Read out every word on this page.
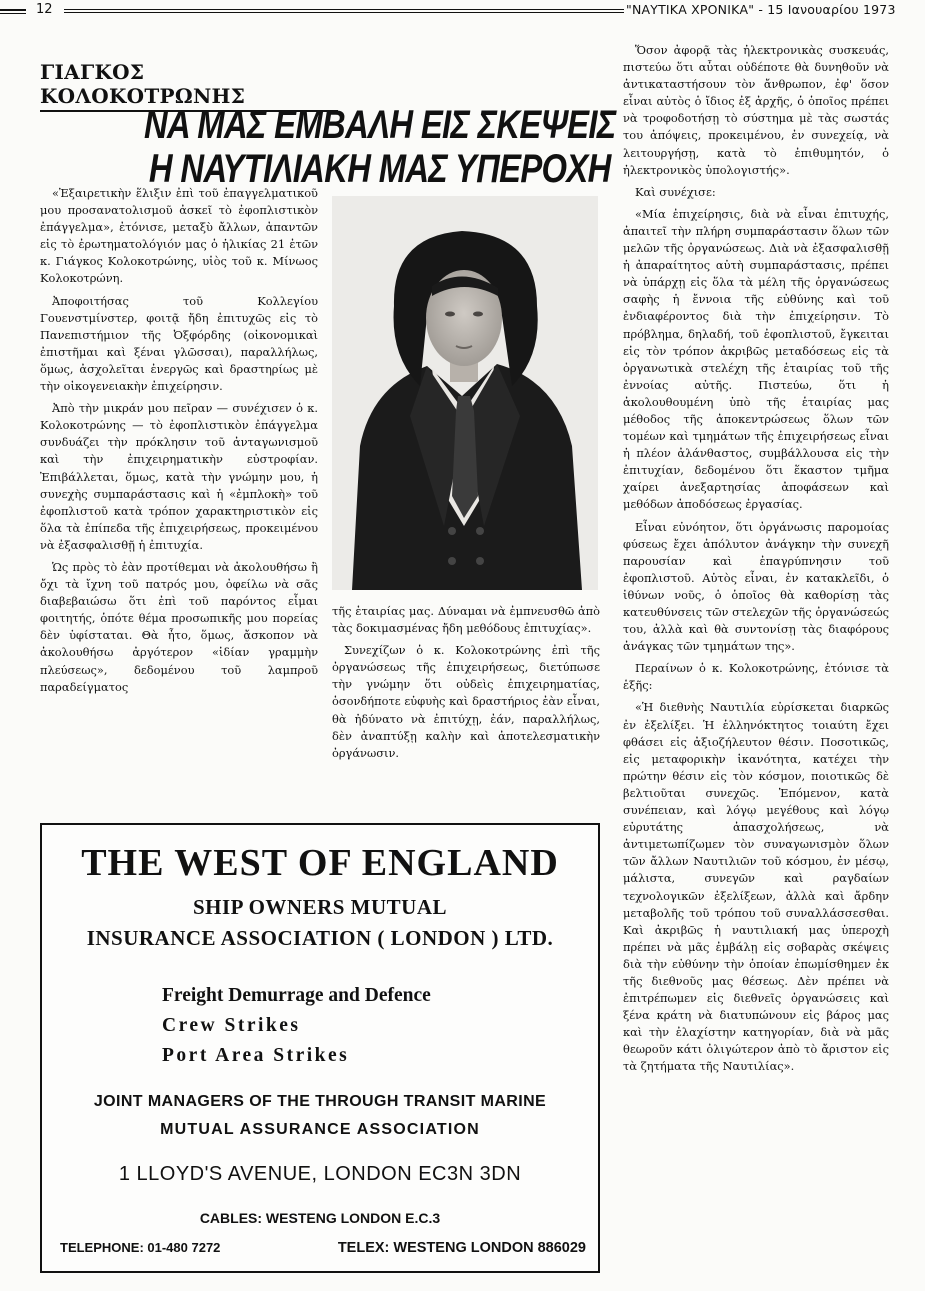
12	"ΝΑΥΤΙΚΑ ΧΡΟΝΙΚΑ" - 15 Ιανουαρίου 1973
ΓΙΑΓΚΟΣ ΚΟΛΟΚΟΤΡΩΝΗΣ
ΝΑ ΜΑΣ ΕΜΒΑΛΗ ΕΙΣ ΣΚΕΨΕΙΣ
Η ΝΑΥΤΙΛΙΑΚΗ ΜΑΣ ΥΠΕΡΟΧΗ

«Ἐξαιρετικὴν ἕλιξιν ἐπὶ τοῦ ἐπαγγελματικοῦ μου προσανατολισμοῦ ἀσκεῖ τὸ ἐφοπλιστικὸν ἐπάγγελμα», ἐτόνισε, μεταξὺ ἄλλων, ἀπαντῶν εἰς τὸ ἐρωτηματολόγιόν μας ὁ ἡλικίας 21 ἐτῶν κ. Γιάγκος Κολοκοτρώνης, υἱὸς τοῦ κ. Μίνωος Κολοκοτρώνη.

Ἀποφοιτήσας τοῦ Κολλεγίου Γουενστμίνστερ, φοιτᾷ ἤδη ἐπιτυχῶς εἰς τὸ Πανεπιστήμιον τῆς Ὀξφόρδης (οἰκονομικαὶ ἐπιστῆμαι καὶ ξέναι γλῶσσαι), παραλλήλως, ὅμως, ἀσχολεῖται ἐνεργῶς καὶ δραστηρίως μὲ τὴν οἰκογενειακὴν ἐπιχείρησιν.

Ἀπὸ τὴν μικράν μου πεῖραν — συνέχισεν ὁ κ. Κολοκοτρώνης — τὸ ἐφοπλιστικὸν ἐπάγγελμα συνδυάζει τὴν πρόκλησιν τοῦ ἀνταγωνισμοῦ καὶ τὴν ἐπιχειρηματικὴν εὐστροφίαν. Ἐπιβάλλεται, ὅμως, κατὰ τὴν γνώμην μου, ἡ συνεχὴς συμπαράστασις καὶ ἡ «ἐμπλοκὴ» τοῦ ἐφοπλιστοῦ κατὰ τρόπον χαρακτηριστικὸν εἰς ὅλα τὰ ἐπίπεδα τῆς ἐπιχειρήσεως, προκειμένου νὰ ἐξασφαλισθῇ ἡ ἐπιτυχία.

Ὡς πρὸς τὸ ἐὰν προτίθεμαι νὰ ἀκολουθήσω ἢ ὄχι τὰ ἴχνη τοῦ πατρός μου, ὀφείλω νὰ σᾶς διαβεβαιώσω ὅτι ἐπὶ τοῦ παρόντος εἶμαι φοιτητής, ὁπότε θέμα προσωπικῆς μου πορείας δὲν ὑφίσταται. Θὰ ἦτο, ὅμως, ἄσκοπον νὰ ἀκολουθήσω ἀργότερον «ἰδίαν γραμμὴν πλεύσεως», δεδομένου τοῦ λαμπροῦ παραδείγματος

τῆς ἑταιρίας μας. Δύναμαι νὰ ἐμπνευσθῶ ἀπὸ τὰς δοκιμασμένας ἤδη μεθόδους ἐπιτυχίας».

Συνεχίζων ὁ κ. Κολοκοτρώνης ἐπὶ τῆς ὀργανώσεως τῆς ἐπιχειρήσεως, διετύπωσε τὴν γνώμην ὅτι οὐδεὶς ἐπιχειρηματίας, ὁσονδήποτε εὐφυὴς καὶ δραστήριος ἐὰν εἶναι, θὰ ἠδύνατο νὰ ἐπιτύχῃ, ἐάν, παραλλήλως, δὲν ἀναπτύξῃ καλὴν καὶ ἀποτελεσματικὴν ὀργάνωσιν.

Ὅσον ἀφορᾷ τὰς ἠλεκτρονικὰς συσκευάς, πιστεύω ὅτι αὗται οὐδέποτε θὰ δυνηθοῦν νὰ ἀντικαταστήσουν τὸν ἄνθρωπον, ἐφ' ὅσον εἶναι αὐτὸς ὁ ἴδιος ἐξ ἀρχῆς, ὁ ὁποῖος πρέπει νὰ τροφοδοτήσῃ τὸ σύστημα μὲ τὰς σωστάς του ἀπόψεις, προκειμένου, ἐν συνεχείᾳ, νὰ λειτουργήσῃ, κατὰ τὸ ἐπιθυμητόν, ὁ ἠλεκτρονικὸς ὑπολογιστής».

Καὶ συνέχισε:

«Μία ἐπιχείρησις, διὰ νὰ εἶναι ἐπιτυχής, ἀπαιτεῖ τὴν πλήρη συμπαράστασιν ὅλων τῶν μελῶν τῆς ὀργανώσεως. Διὰ νὰ ἐξασφαλισθῇ ἡ ἀπαραίτητος αὐτὴ συμπαράστασις, πρέπει νὰ ὑπάρχῃ εἰς ὅλα τὰ μέλη τῆς ὀργανώσεως σαφὴς ἡ ἔννοια τῆς εὐθύνης καὶ τοῦ ἐνδιαφέροντος διὰ τὴν ἐπιχείρησιν. Τὸ πρόβλημα, δηλαδή, τοῦ ἐφοπλιστοῦ, ἔγκειται εἰς τὸν τρόπον ἀκριβῶς μεταδόσεως εἰς τὰ ὀργανωτικὰ στελέχη τῆς ἑταιρίας τοῦ τῆς ἐννοίας αὐτῆς. Πιστεύω, ὅτι ἡ ἀκολουθουμένη ὑπὸ τῆς ἑταιρίας μας μέθοδος τῆς ἀποκεντρώσεως ὅλων τῶν τομέων καὶ τμημάτων τῆς ἐπιχειρήσεως εἶναι ἡ πλέον ἀλάνθαστος, συμβάλλουσα εἰς τὴν ἐπιτυχίαν, δεδομένου ὅτι ἕκαστον τμῆμα χαίρει ἀνεξαρτησίας ἀποφάσεων καὶ μεθόδων ἀποδόσεως ἐργασίας.

Εἶναι εὐνόητον, ὅτι ὀργάνωσις παρομοίας φύσεως ἔχει ἀπόλυτον ἀνάγκην τὴν συνεχῆ παρουσίαν καὶ ἐπαγρύπνησιν τοῦ ἐφοπλιστοῦ. Αὐτὸς εἶναι, ἐν κατακλεῖδι, ὁ ἰθύνων νοῦς, ὁ ὁποῖος θὰ καθορίσῃ τὰς κατευθύνσεις τῶν στελεχῶν τῆς ὀργανώσεώς του, ἀλλὰ καὶ θὰ συντονίσῃ τὰς διαφόρους ἀνάγκας τῶν τμημάτων της».

Περαίνων ὁ κ. Κολοκοτρώνης, ἐτόνισε τὰ ἑξῆς:

«Ἡ διεθνὴς Ναυτιλία εὑρίσκεται διαρκῶς ἐν ἐξελίξει. Ἡ ἑλληνόκτητος τοιαύτη ἔχει φθάσει εἰς ἀξιοζήλευτον θέσιν. Ποσοτικῶς, εἰς μεταφορικὴν ἱκανότητα, κατέχει τὴν πρώτην θέσιν εἰς τὸν κόσμον, ποιοτικῶς δὲ βελτιοῦται συνεχῶς. Ἑπόμενον, κατὰ συνέπειαν, καὶ λόγῳ μεγέθους καὶ λόγῳ εὐρυτάτης ἀπασχολήσεως, νὰ ἀντιμετωπίζωμεν τὸν συναγωνισμὸν ὅλων τῶν ἄλλων Ναυτιλιῶν τοῦ κόσμου, ἐν μέσῳ, μάλιστα, συνεγῶν καὶ ραγδαίων τεχνολογικῶν ἐξελίξεων, ἀλλὰ καὶ ἄρδην μεταβολῆς τοῦ τρόπου τοῦ συναλλάσσεσθαι. Καὶ ἀκριβῶς ἡ ναυτιλιακή μας ὑπεροχὴ πρέπει νὰ μᾶς ἐμβάλῃ εἰς σοβαρὰς σκέψεις διὰ τὴν εὐθύνην τὴν ὁποίαν ἐπωμίσθημεν ἐκ τῆς διεθνοῦς μας θέσεως. Δὲν πρέπει νὰ ἐπιτρέπωμεν εἰς διεθνεῖς ὀργανώσεις καὶ ξένα κράτη νὰ διατυπώνουν εἰς βάρος μας καὶ τὴν ἐλαχίστην κατηγορίαν, διὰ νὰ μᾶς θεωροῦν κάτι ὀλιγώτερον ἀπὸ τὸ ἄριστον εἰς τὰ ζητήματα τῆς Ναυτιλίας».

THE WEST OF ENGLAND
SHIP OWNERS MUTUAL
INSURANCE ASSOCIATION ( LONDON ) LTD.
Freight Demurrage and Defence
Crew Strikes
Port Area Strikes
JOINT MANAGERS OF THE THROUGH TRANSIT MARINE
MUTUAL ASSURANCE ASSOCIATION
1 LLOYD'S AVENUE, LONDON EC3N 3DN
CABLES: WESTENG LONDON E.C.3
TELEPHONE: 01-480 7272	TELEX: WESTENG LONDON 886029
